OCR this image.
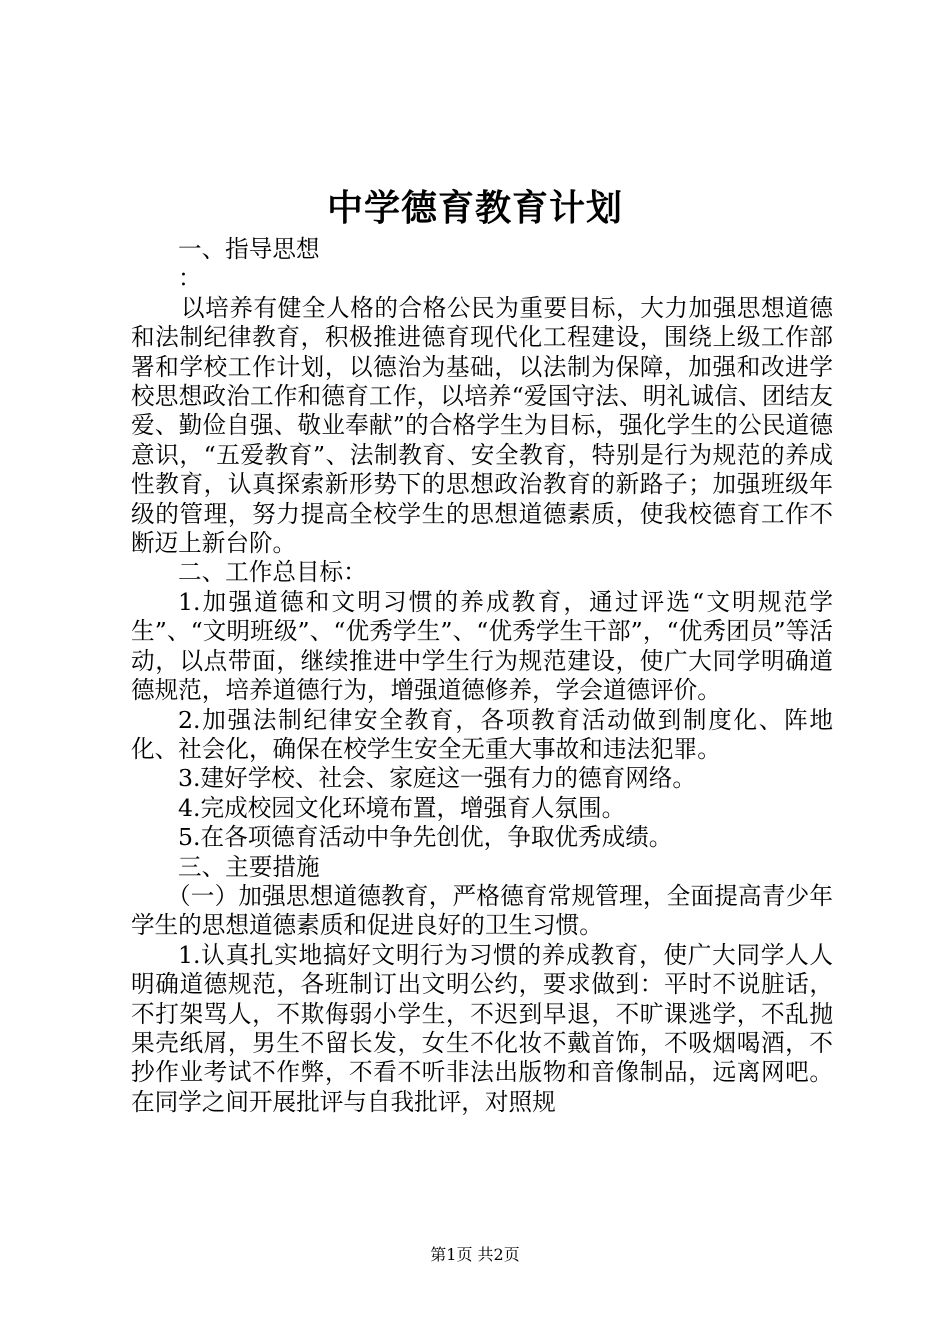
中学德育教育计划

一、指导思想

：

以培养有健全人格的合格公民为重要目标，大力加强思想道德和法制纪律教育，积极推进德育现代化工程建设，围绕上级工作部署和学校工作计划，以德治为基础，以法制为保障，加强和改进学校思想政治工作和德育工作，以培养“爱国守法、明礼诚信、团结友爱、勤俭自强、敬业奉献”的合格学生为目标，强化学生的公民道德意识，“五爱教育”、法制教育、安全教育，特别是行为规范的养成性教育，认真探索新形势下的思想政治教育的新路子；加强班级年级的管理，努力提高全校学生的思想道德素质，使我校德育工作不断迈上新台阶。

二、工作总目标：

1.加强道德和文明习惯的养成教育，通过评选“文明规范学生”、“文明班级”、“优秀学生”、“优秀学生干部”，“优秀团员”等活动，以点带面，继续推进中学生行为规范建设，使广大同学明确道德规范，培养道德行为，增强道德修养，学会道德评价。

2.加强法制纪律安全教育，各项教育活动做到制度化、阵地化、社会化，确保在校学生安全无重大事故和违法犯罪。

3.建好学校、社会、家庭这一强有力的德育网络。

4.完成校园文化环境布置，增强育人氛围。

5.在各项德育活动中争先创优，争取优秀成绩。

三、主要措施

（一）加强思想道德教育，严格德育常规管理，全面提高青少年学生的思想道德素质和促进良好的卫生习惯。

1.认真扎实地搞好文明行为习惯的养成教育，使广大同学人人明确道德规范，各班制订出文明公约，要求做到：平时不说脏话，不打架骂人，不欺侮弱小学生，不迟到早退，不旷课逃学，不乱抛果壳纸屑，男生不留长发，女生不化妆不戴首饰，不吸烟喝酒，不抄作业考试不作弊，不看不听非法出版物和音像制品，远离网吧。在同学之间开展批评与自我批评，对照规

第1页 共2页
